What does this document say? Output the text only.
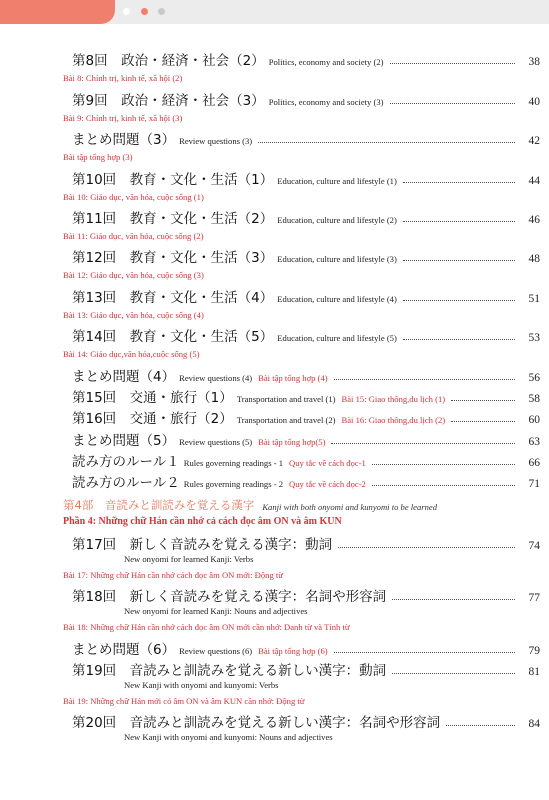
第8回　政治・経済・社会（2） Politics, economy and society (2)	38
Bài 8: Chính trị, kinh tế, xã hội (2)
第9回　政治・経済・社会（3） Politics, economy and society (3)	40
Bài 9: Chính trị, kinh tế, xã hội (3)
まとめ問題（3） Review questions (3)	42
Bài tập tổng hợp (3)
第10回　教育・文化・生活（1） Education, culture and lifestyle (1)	44
Bài 10: Giáo dục, văn hóa, cuộc sống (1)
第11回　教育・文化・生活（2） Education, culture and lifestyle (2)	46
Bài 11: Giáo dục, văn hóa, cuộc sống (2)
第12回　教育・文化・生活（3） Education, culture and lifestyle (3)	48
Bài 12: Giáo dục, văn hóa, cuộc sống (3)
第13回　教育・文化・生活（4） Education, culture and lifestyle (4)	51
Bài 13: Giáo dục, văn hóa, cuộc sống (4)
第14回　教育・文化・生活（5） Education, culture and lifestyle (5)	53
Bài 14: Giáo dục,văn hóa,cuộc sống (5)
まとめ問題（4） Review questions (4) Bài tập tổng hợp (4)	56
第15回　交通・旅行（1） Transportation and travel (1) Bài 15: Giao thông,du lịch (1)	58
第16回　交通・旅行（2） Transportation and travel (2) Bài 16: Giao thông,du lịch (2)	60
まとめ問題（5） Review questions (5) Bài tập tổng hợp(5)	63
読み方のルール１ Rules governing readings - 1 Quy tắc về cách đọc-1	66
読み方のルール２ Rules governing readings - 2 Quy tắc về cách đọc-2	71
第4部　音読みと訓読みを覚える漢字 Kanji with both onyomi and kunyomi to be learned
Phần 4: Những chữ Hán cần nhớ cả cách đọc âm ON và âm KUN
第17回　新しく音読みを覚える漢字：動詞	74
New onyomi for learned Kanji: Verbs
Bài 17: Những chữ Hán cần nhớ cách đọc âm ON mới: Động từ
第18回　新しく音読みを覚える漢字：名詞や形容詞	77
New onyomi for learned Kanji: Nouns and adjectives
Bài 18: Những chữ Hán cần nhớ cách đọc âm ON mới cần nhớ: Danh từ và Tính từ
まとめ問題（6） Review questions (6) Bài tập tổng hợp (6)	79
第19回　音読みと訓読みを覚える新しい漢字：動詞	81
New Kanji with onyomi and kunyomi: Verbs
Bài 19: Những chữ Hán mới có âm ON và âm KUN cần nhớ: Động từ
第20回　音読みと訓読みを覚える新しい漢字：名詞や形容詞	84
New Kanji with onyomi and kunyomi: Nouns and adjectives
